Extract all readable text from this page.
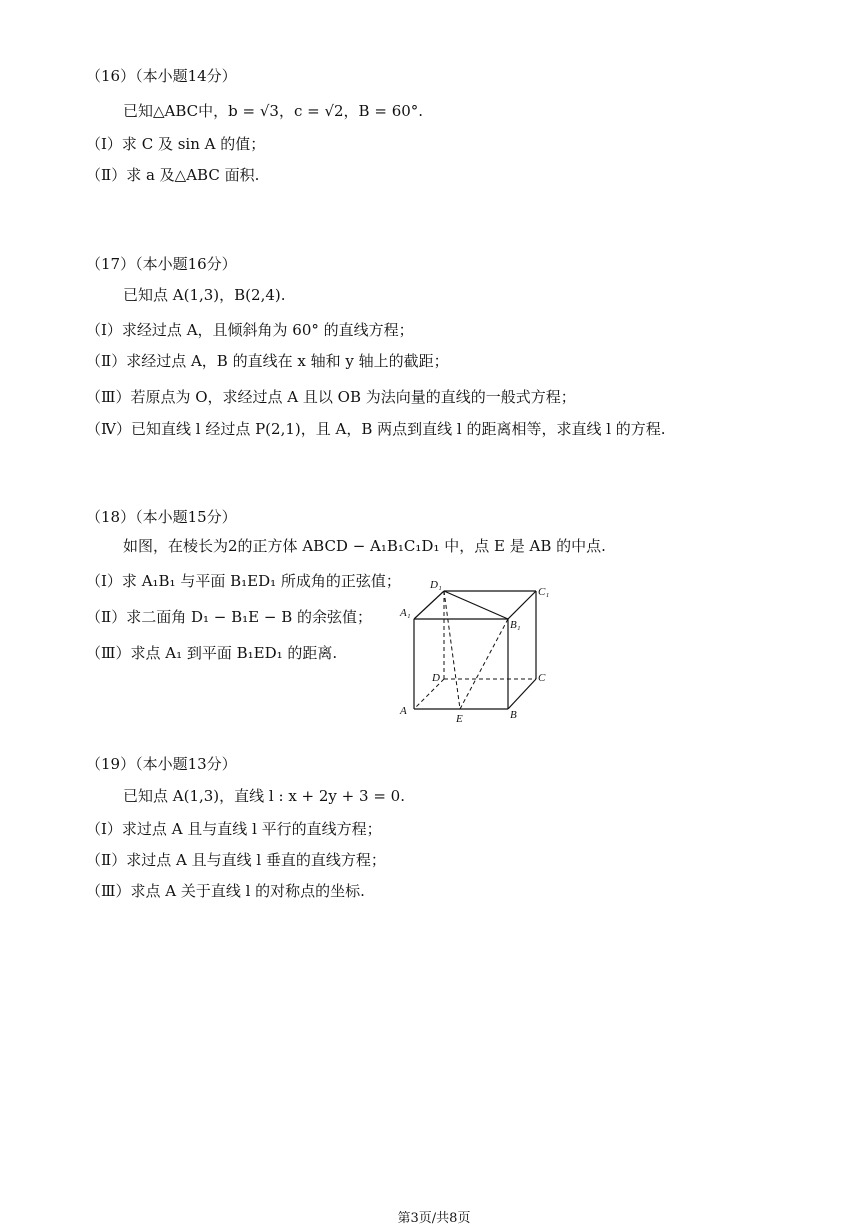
（16）（本小题14分）
已知△ABC中，b = √3，c = √2，B = 60°.
（Ⅰ）求 C 及 sin A 的值；
（Ⅱ）求 a 及△ABC 面积.
（17）（本小题16分）
已知点 A(1,3)，B(2,4).
（Ⅰ）求经过点 A，且倾斜角为 60° 的直线方程；
（Ⅱ）求经过点 A，B 的直线在 x 轴和 y 轴上的截距；
（Ⅲ）若原点为 O，求经过点 A 且以 OB 为法向量的直线的一般式方程；
（Ⅳ）已知直线 l 经过点 P(2,1)，且 A，B 两点到直线 l 的距离相等，求直线 l 的方程.
（18）（本小题15分）
如图，在棱长为2的正方体 ABCD − A₁B₁C₁D₁ 中，点 E 是 AB 的中点.
（Ⅰ）求 A₁B₁ 与平面 B₁ED₁ 所成角的正弦值；
（Ⅱ）求二面角 D₁ − B₁E − B 的余弦值；
（Ⅲ）求点 A₁ 到平面 B₁ED₁ 的距离.
D₁
C₁
A₁
B₁
D	C
A
E	B
（19）（本小题13分）
已知点 A(1,3)，直线 l : x + 2y + 3 = 0.
（Ⅰ）求过点 A 且与直线 l 平行的直线方程；
（Ⅱ）求过点 A 且与直线 l 垂直的直线方程；
（Ⅲ）求点 A 关于直线 l 的对称点的坐标.
第3页/共8页
